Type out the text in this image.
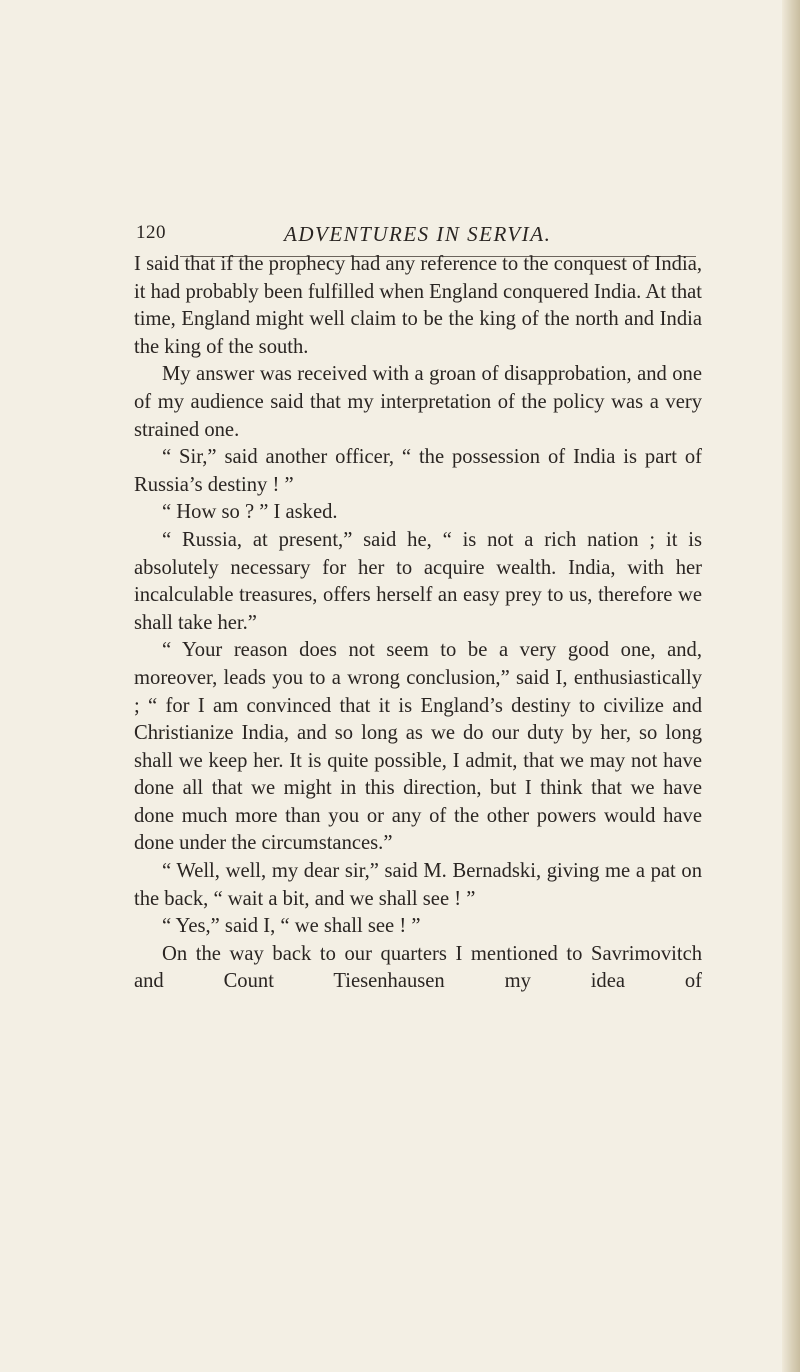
120	ADVENTURES IN SERVIA.

I said that if the prophecy had any reference to the conquest of India, it had probably been fulfilled when England conquered India. At that time, England might well claim to be the king of the north and India the king of the south.

My answer was received with a groan of disapprobation, and one of my audience said that my interpretation of the policy was a very strained one.

“ Sir,” said another officer, “ the possession of India is part of Russia’s destiny ! ”

“ How so ? ” I asked.

“ Russia, at present,” said he, “ is not a rich nation ; it is absolutely necessary for her to acquire wealth. India, with her incalculable treasures, offers herself an easy prey to us, therefore we shall take her.”

“ Your reason does not seem to be a very good one, and, moreover, leads you to a wrong conclusion,” said I, enthusiastically ; “ for I am convinced that it is England’s destiny to civilize and Christianize India, and so long as we do our duty by her, so long shall we keep her. It is quite possible, I admit, that we may not have done all that we might in this direction, but I think that we have done much more than you or any of the other powers would have done under the circumstances.”

“ Well, well, my dear sir,” said M. Bernadski, giving me a pat on the back, “ wait a bit, and we shall see ! ”

“ Yes,” said I, “ we shall see ! ”

On the way back to our quarters I mentioned to Savrimovitch and Count Tiesenhausen my idea of
